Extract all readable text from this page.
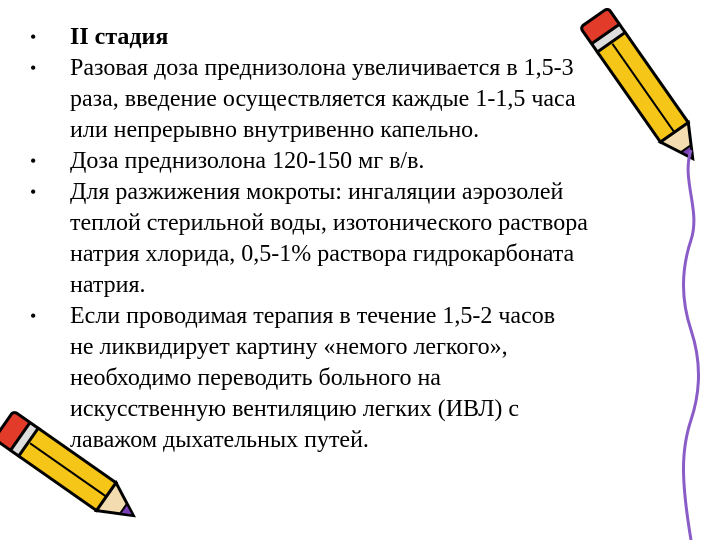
• II стадия
• Разовая доза преднизолона увеличивается в 1,5-3
раза, введение осуществляется каждые 1-1,5 часа
или непрерывно внутривенно капельно.
• Доза преднизолона 120-150 мг в/в.
• Для разжижения мокроты: ингаляции аэрозолей
теплой стерильной воды, изотонического раствора
натрия хлорида, 0,5-1% раствора гидрокарбоната
натрия.
• Если проводимая терапия в течение 1,5-2 часов
не ликвидирует картину «немого легкого»,
необходимо переводить больного на
искусственную вентиляцию легких (ИВЛ) с
лаважом дыхательных путей.
